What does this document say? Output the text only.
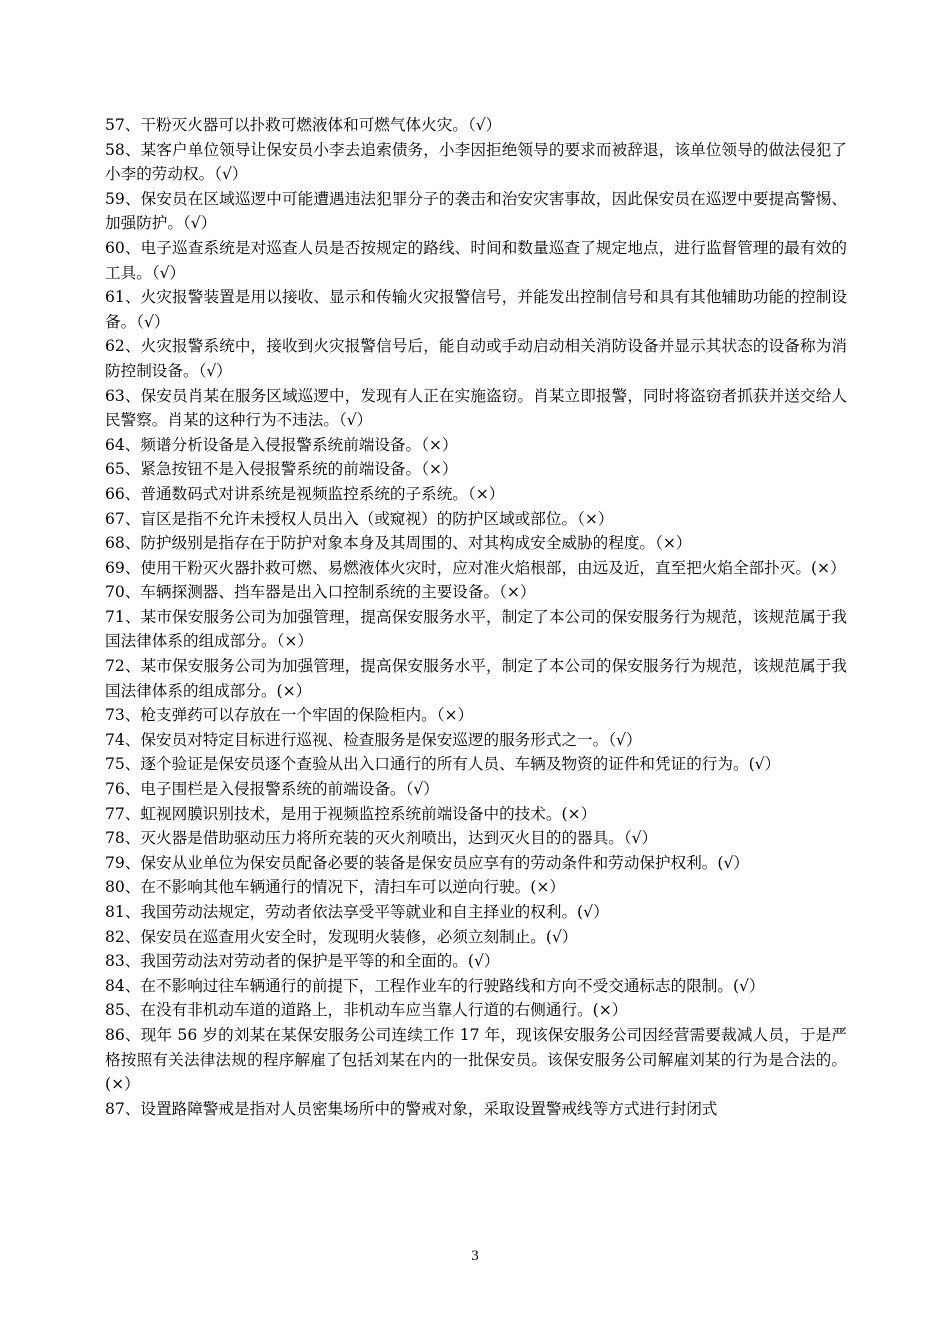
57、干粉灭火器可以扑救可燃液体和可燃气体火灾。（√）

58、某客户单位领导让保安员小李去追索债务，小李因拒绝领导的要求而被辞退，该单位领导的做法侵犯了小李的劳动权。（√）

59、保安员在区域巡逻中可能遭遇违法犯罪分子的袭击和治安灾害事故，因此保安员在巡逻中要提高警惕、加强防护。（√）

60、电子巡查系统是对巡查人员是否按规定的路线、时间和数量巡查了规定地点，进行监督管理的最有效的工具。（√）

61、火灾报警装置是用以接收、显示和传输火灾报警信号，并能发出控制信号和具有其他辅助功能的控制设备。（√）

62、火灾报警系统中，接收到火灾报警信号后，能自动或手动启动相关消防设备并显示其状态的设备称为消防控制设备。（√）

63、保安员肖某在服务区域巡逻中，发现有人正在实施盗窃。肖某立即报警，同时将盗窃者抓获并送交给人民警察。肖某的这种行为不违法。（√）

64、频谱分析设备是入侵报警系统前端设备。（×）

65、紧急按钮不是入侵报警系统的前端设备。（×）

66、普通数码式对讲系统是视频监控系统的子系统。（×）

67、盲区是指不允许未授权人员出入（或窥视）的防护区域或部位。（×）

68、防护级别是指存在于防护对象本身及其周围的、对其构成安全威胁的程度。（×）

69、使用干粉灭火器扑救可燃、易燃液体火灾时，应对准火焰根部，由远及近，直至把火焰全部扑灭。(×）

70、车辆探测器、挡车器是出入口控制系统的主要设备。（×）

71、某市保安服务公司为加强管理，提高保安服务水平，制定了本公司的保安服务行为规范，该规范属于我国法律体系的组成部分。（×）

72、某市保安服务公司为加强管理，提高保安服务水平，制定了本公司的保安服务行为规范，该规范属于我国法律体系的组成部分。(×）

73、枪支弹药可以存放在一个牢固的保险柜内。（×）

74、保安员对特定目标进行巡视、检查服务是保安巡逻的服务形式之一。（√）

75、逐个验证是保安员逐个查验从出入口通行的所有人员、车辆及物资的证件和凭证的行为。(√）

76、电子围栏是入侵报警系统的前端设备。（√）

77、虹视网膜识别技术，是用于视频监控系统前端设备中的技术。(×）

78、灭火器是借助驱动压力将所充装的灭火剂喷出，达到灭火目的的器具。（√）

79、保安从业单位为保安员配备必要的装备是保安员应享有的劳动条件和劳动保护权利。(√）

80、在不影响其他车辆通行的情况下，清扫车可以逆向行驶。(×）

81、我国劳动法规定，劳动者依法享受平等就业和自主择业的权利。(√）

82、保安员在巡查用火安全时，发现明火装修，必须立刻制止。(√）

83、我国劳动法对劳动者的保护是平等的和全面的。(√）

84、在不影响过往车辆通行的前提下，工程作业车的行驶路线和方向不受交通标志的限制。(√）

85、在没有非机动车道的道路上，非机动车应当靠人行道的右侧通行。(×）

86、现年 56 岁的刘某在某保安服务公司连续工作 17 年，现该保安服务公司因经营需要裁减人员，于是严格按照有关法律法规的程序解雇了包括刘某在内的一批保安员。该保安服务公司解雇刘某的行为是合法的。(×）

87、设置路障警戒是指对人员密集场所中的警戒对象，采取设置警戒线等方式进行封闭式

3
